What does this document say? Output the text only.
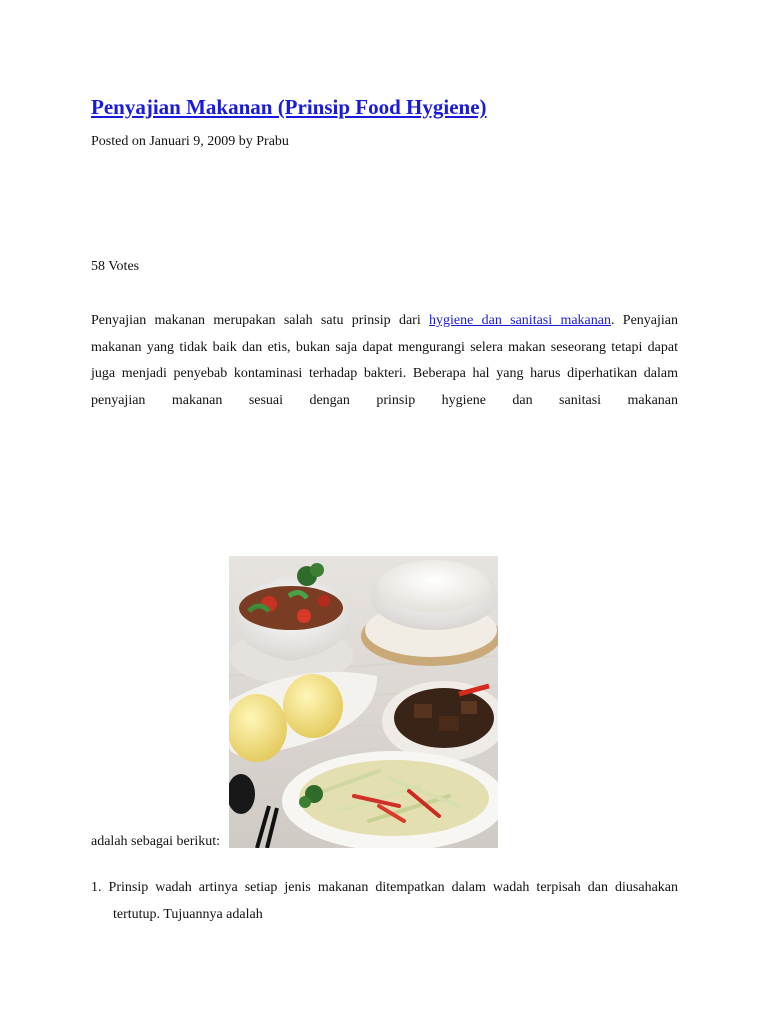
Penyajian Makanan (Prinsip Food Hygiene)
Posted on Januari 9, 2009 by Prabu
58 Votes

Penyajian makanan merupakan salah satu prinsip dari hygiene dan sanitasi makanan. Penyajian makanan yang tidak baik dan etis, bukan saja dapat mengurangi selera makan seseorang tetapi dapat juga menjadi penyebab kontaminasi terhadap bakteri. Beberapa hal yang harus diperhatikan dalam penyajian makanan sesuai dengan prinsip hygiene dan sanitasi makanan

adalah sebagai berikut:
1. Prinsip wadah artinya setiap jenis makanan ditempatkan dalam wadah terpisah dan diusahakan
tertutup. Tujuannya adalah
